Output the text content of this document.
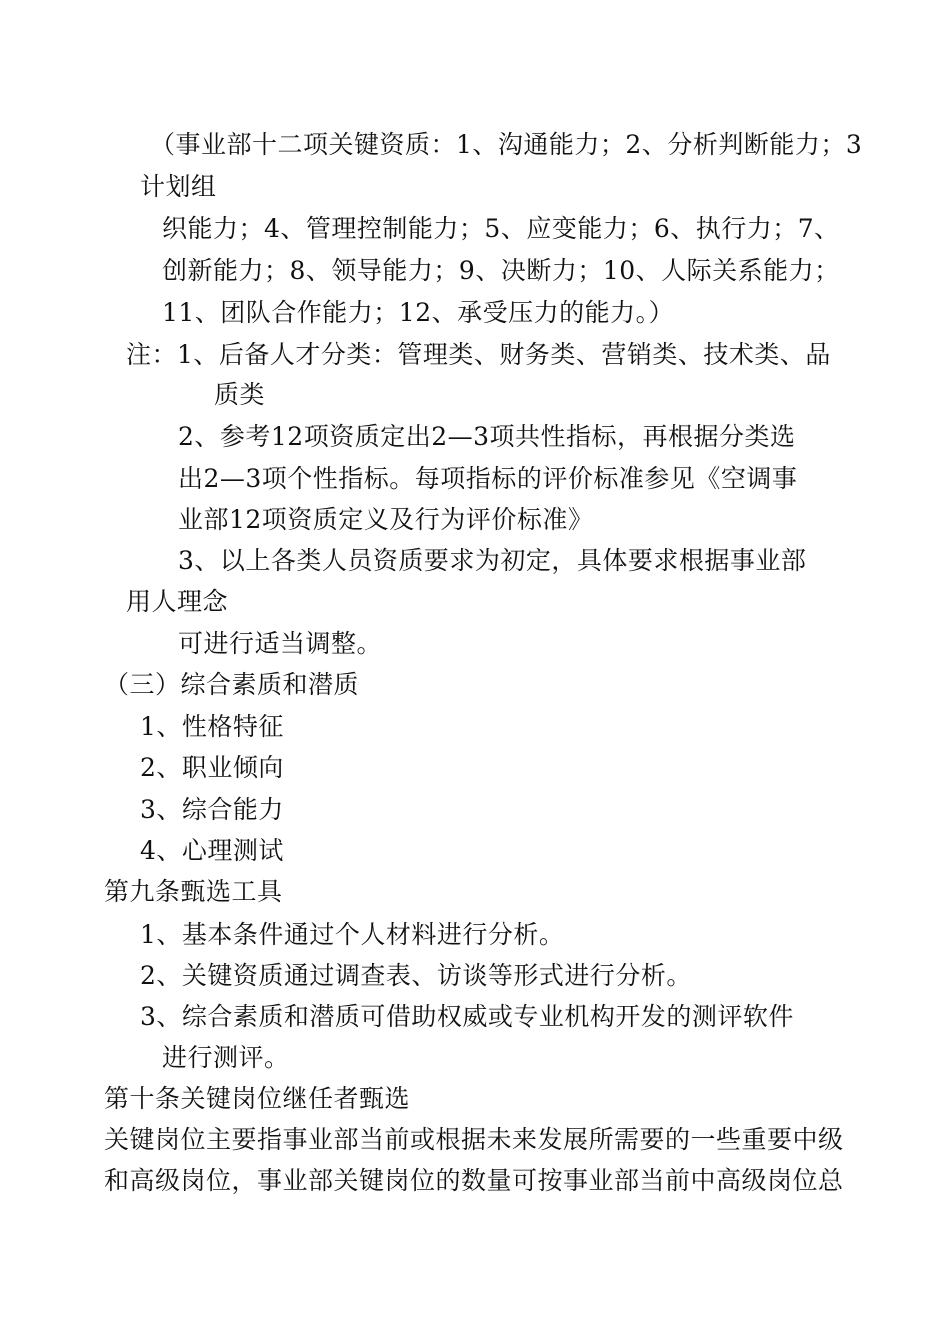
（事业部十二项关键资质：1、沟通能力；2、分析判断能力；3
计划组
织能力；4、管理控制能力；5、应变能力；6、执行力；7、
创新能力；8、领导能力；9、决断力；10、人际关系能力；
11、团队合作能力；12、承受压力的能力。）
注：1、后备人才分类：管理类、财务类、营销类、技术类、品
质类
2、参考12项资质定出2—3项共性指标，再根据分类选
出2—3项个性指标。每项指标的评价标准参见《空调事
业部12项资质定义及行为评价标准》
3、以上各类人员资质要求为初定，具体要求根据事业部
用人理念
可进行适当调整。
（三）综合素质和潜质
1、性格特征
2、职业倾向
3、综合能力
4、心理测试
第九条甄选工具
1、基本条件通过个人材料进行分析。
2、关键资质通过调查表、访谈等形式进行分析。
3、综合素质和潜质可借助权威或专业机构开发的测评软件
进行测评。
第十条关键岗位继任者甄选
关键岗位主要指事业部当前或根据未来发展所需要的一些重要中级
和高级岗位，事业部关键岗位的数量可按事业部当前中高级岗位总
